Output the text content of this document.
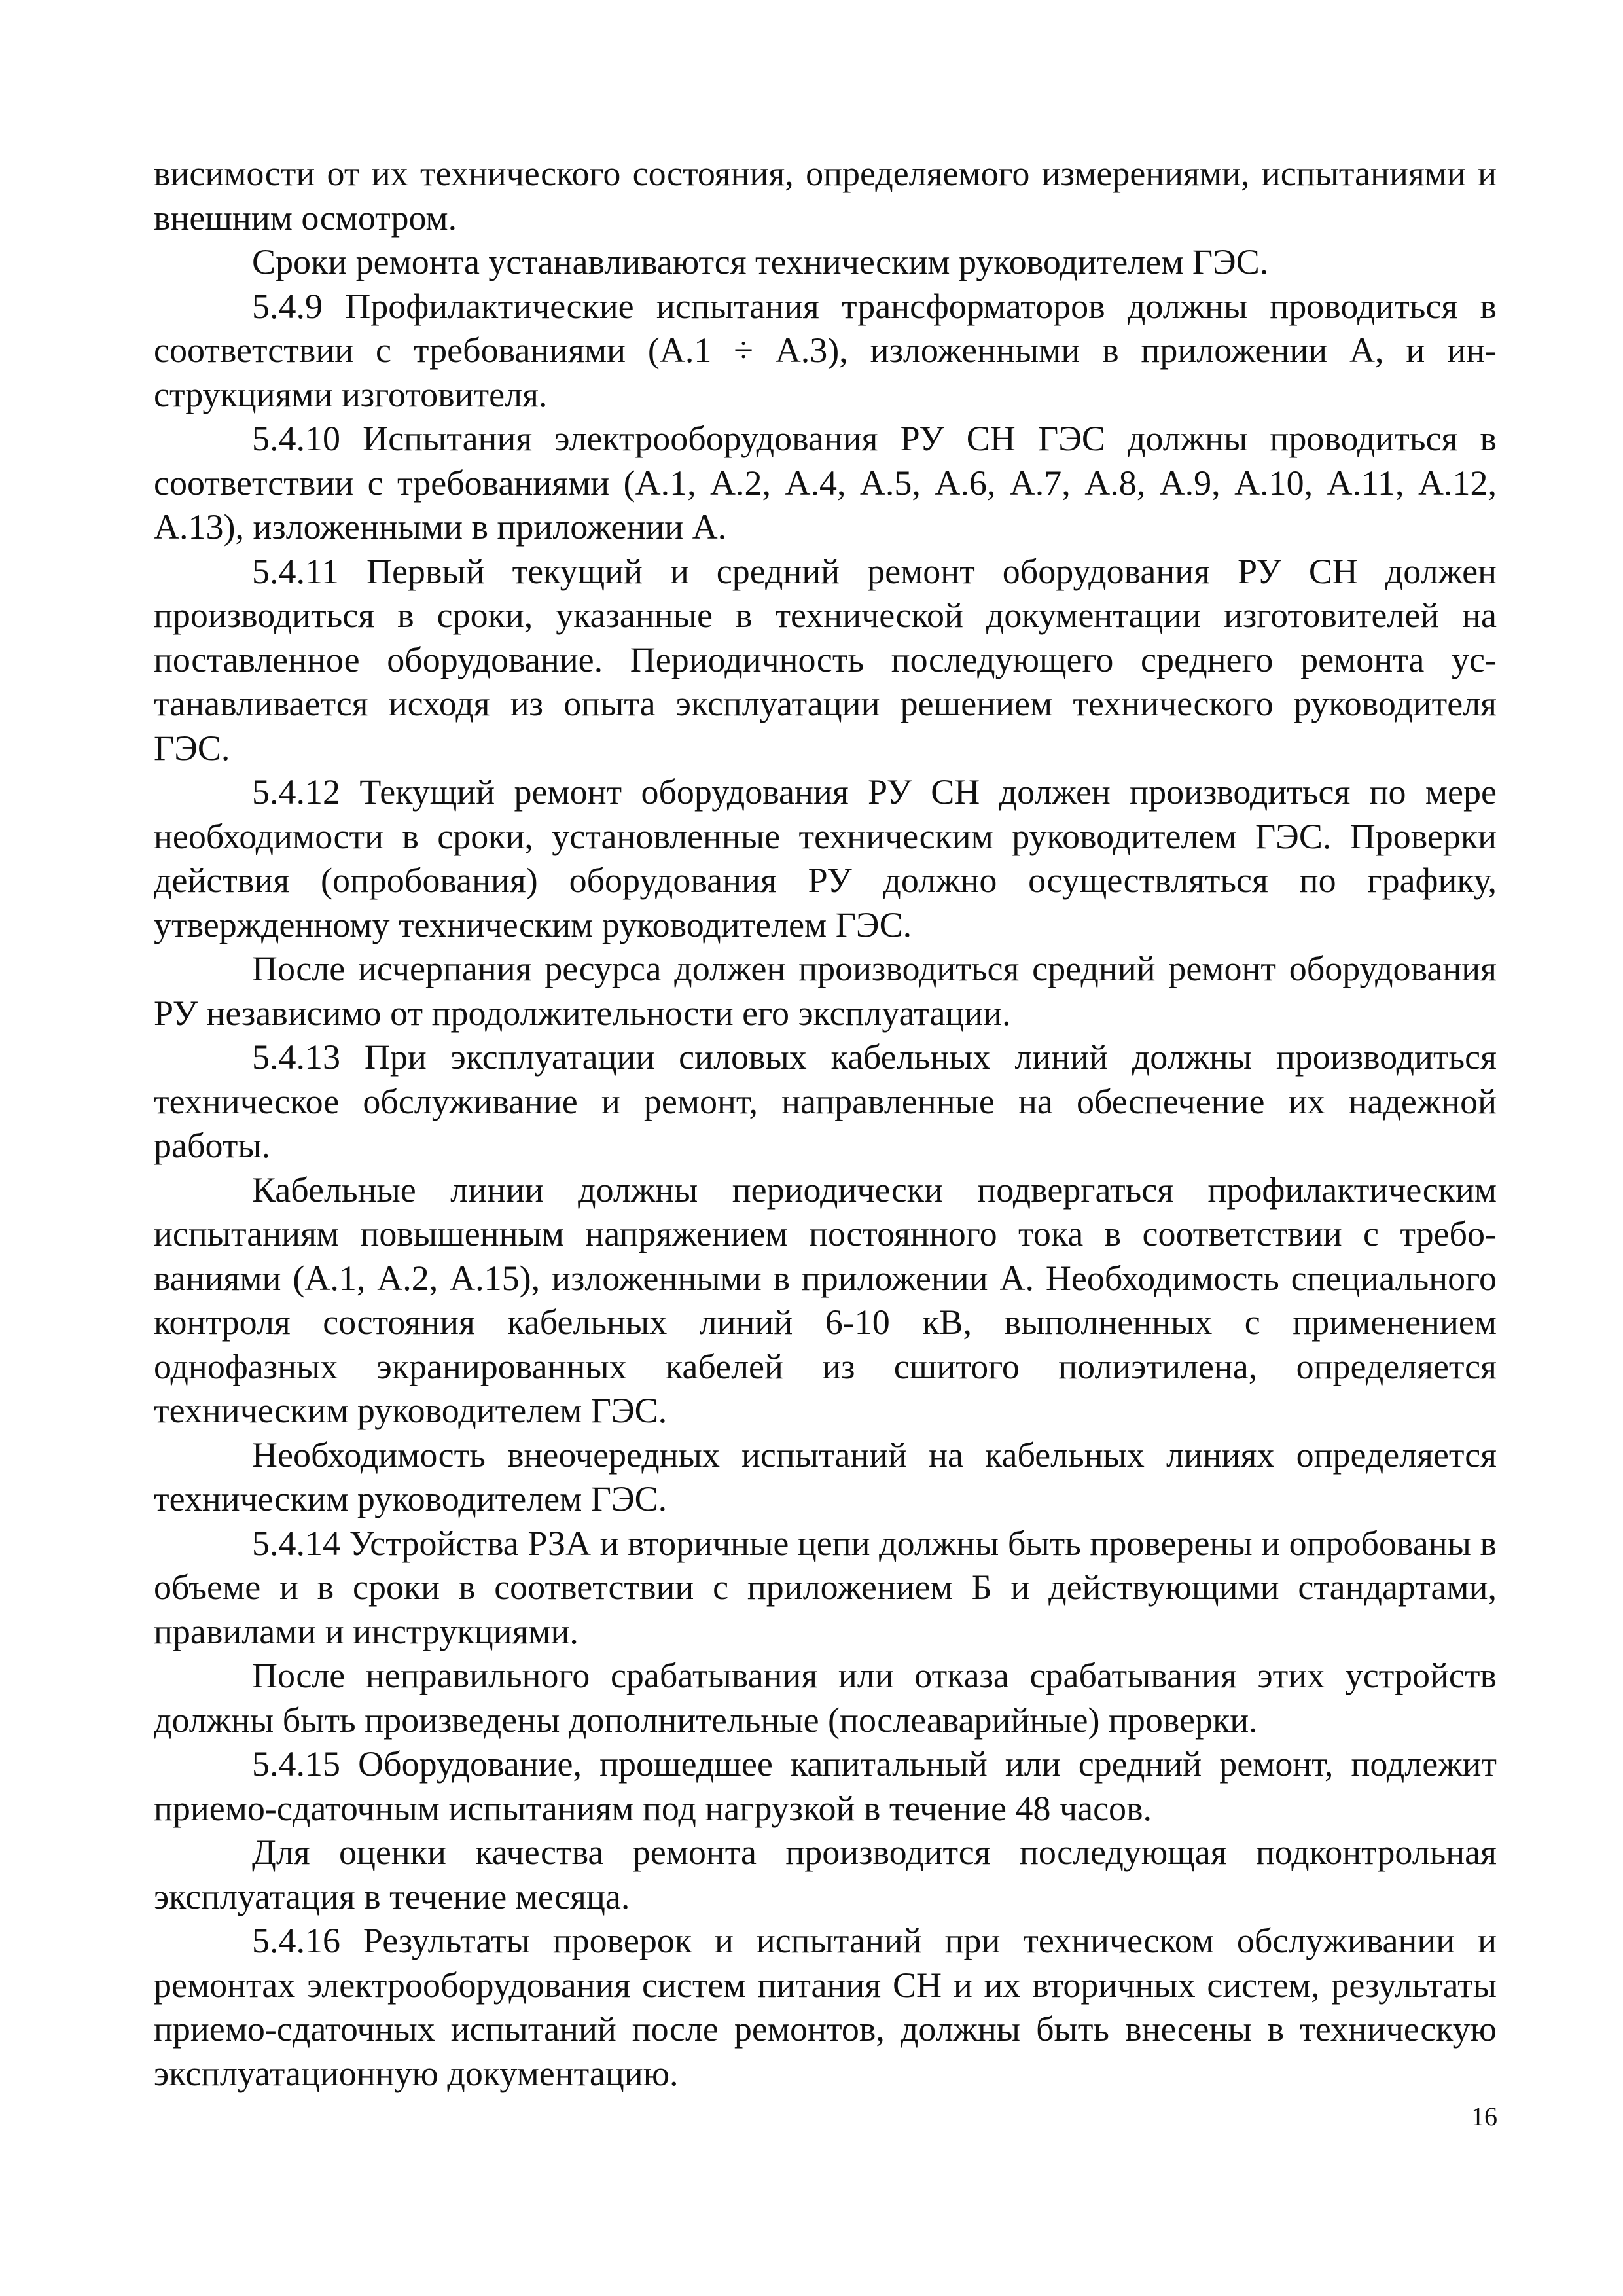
висимости от их технического состояния, определяемого измерениями, испытаниями и внешним осмотром.

Сроки ремонта устанавливаются техническим руководителем ГЭС.

5.4.9 Профилактические испытания трансформаторов должны проводиться в соответствии с требованиями (А.1 ÷ А.3), изложенными в приложении А, и инструкциями изготовителя.

5.4.10 Испытания электрооборудования РУ СН ГЭС должны проводиться в соответствии с требованиями (А.1, А.2, А.4, А.5, А.6, А.7, А.8, А.9, А.10, А.11, А.12, А.13), изложенными в приложении А.

5.4.11 Первый текущий и средний ремонт оборудования РУ СН должен производиться в сроки, указанные в технической документации изготовителей на поставленное оборудование. Периодичность последующего среднего ремонта устанавливается исходя из опыта эксплуатации решением технического руководителя ГЭС.

5.4.12 Текущий ремонт оборудования РУ СН должен производиться по мере необходимости в сроки, установленные техническим руководителем ГЭС. Проверки действия (опробования) оборудования РУ должно осуществляться по графику, утвержденному техническим руководителем ГЭС.

После исчерпания ресурса должен производиться средний ремонт оборудования РУ независимо от продолжительности его эксплуатации.

5.4.13 При эксплуатации силовых кабельных линий должны производиться техническое обслуживание и ремонт, направленные на обеспечение их надежной работы.

Кабельные линии должны периодически подвергаться профилактическим испытаниям повышенным напряжением постоянного тока в соответствии с требованиями (А.1, А.2, А.15), изложенными в приложении А. Необходимость специального контроля состояния кабельных линий 6-10 кВ, выполненных с применением однофазных экранированных кабелей из сшитого полиэтилена, определяется техническим руководителем ГЭС.

Необходимость внеочередных испытаний на кабельных линиях определяется техническим руководителем ГЭС.

5.4.14 Устройства РЗА и вторичные цепи должны быть проверены и опробованы в объеме и в сроки в соответствии с приложением Б и действующими стандартами, правилами и инструкциями.

После неправильного срабатывания или отказа срабатывания этих устройств должны быть произведены дополнительные (послеаварийные) проверки.

5.4.15 Оборудование, прошедшее капитальный или средний ремонт, подлежит приемо-сдаточным испытаниям под нагрузкой в течение 48 часов.

Для оценки качества ремонта производится последующая подконтрольная эксплуатация в течение месяца.

5.4.16 Результаты проверок и испытаний при техническом обслуживании и ремонтах электрооборудования систем питания СН и их вторичных систем, результаты приемо-сдаточных испытаний после ремонтов, должны быть внесены в техническую эксплуатационную документацию.

16
